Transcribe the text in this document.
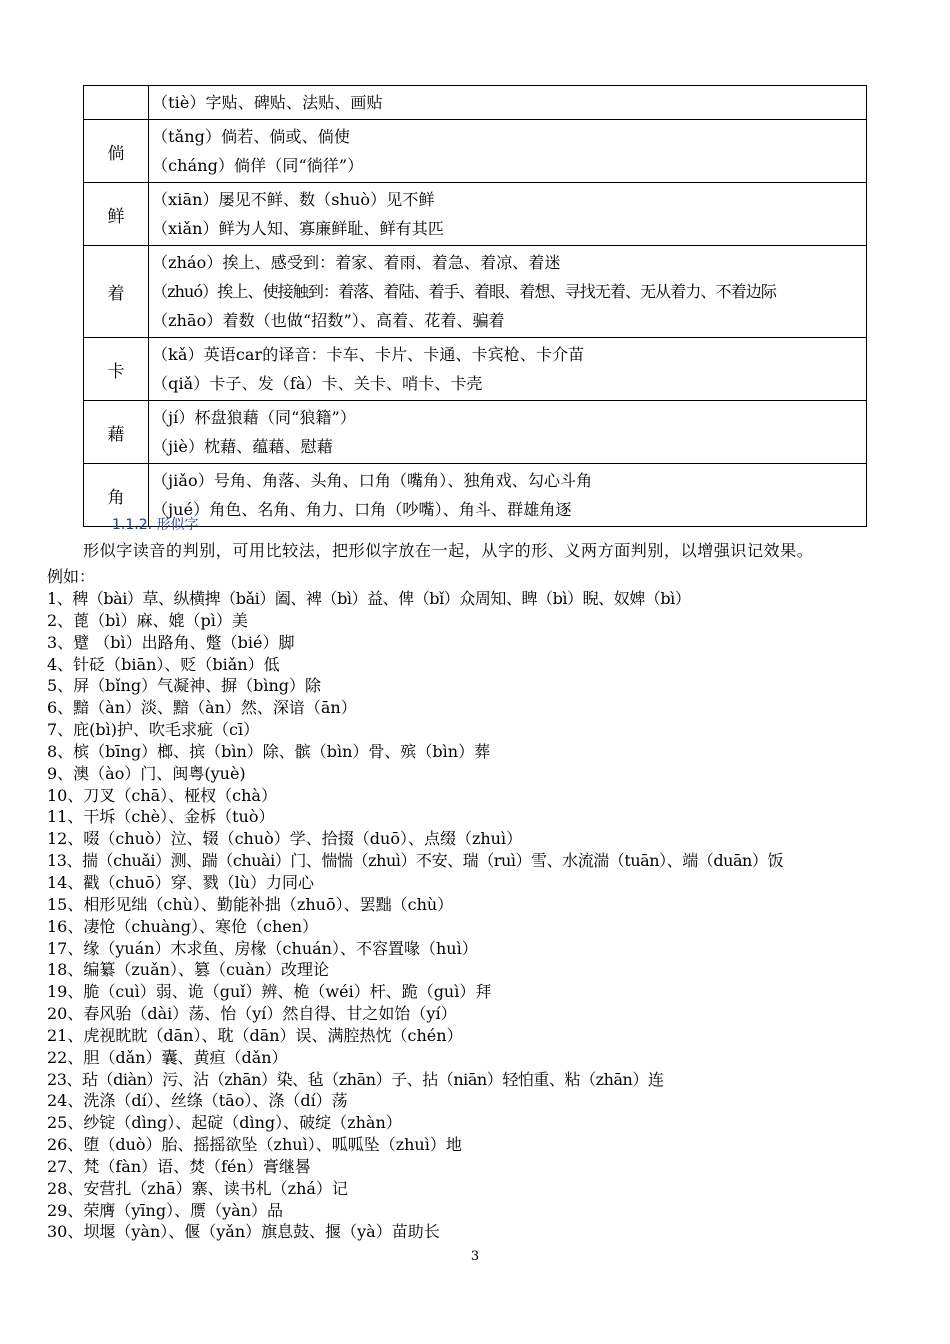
	（tiè）字贴、碑贴、法贴、画贴

倘	（tǎng）倘若、倘或、倘使
（cháng）倘佯（同“徜徉”）

鲜	（xiān）屡见不鲜、数（shuò）见不鲜
（xiǎn）鲜为人知、寡廉鲜耻、鲜有其匹

着	（zháo）挨上、感受到：着家、着雨、着急、着凉、着迷
（zhuó）挨上、使接触到：着落、着陆、着手、着眼、着想、寻找无着、无从着力、不着边际
（zhāo）着数（也做“招数”）、高着、花着、骗着

卡	（kǎ）英语car的译音：卡车、卡片、卡通、卡宾枪、卡介苗
（qiǎ）卡子、发（fà）卡、关卡、哨卡、卡壳

藉	（jí）杯盘狼藉（同“狼籍”）
（jiè）枕藉、蕴藉、慰藉

角	（jiǎo）号角、角落、头角、口角（嘴角）、独角戏、勾心斗角
（jué）角色、名角、角力、口角（吵嘴）、角斗、群雄角逐
1.1.2. 形似字
形似字读音的判别，可用比较法，把形似字放在一起，从字的形、义两方面判别，以增强识记效果。
例如：
1、稗（bài）草、纵横捭（bǎi）阖、裨（bì）益、俾（bǐ）众周知、睥（bì）睨、奴婢（bì）
2、蓖（bì）麻、媲（pì）美
3、躄 （bì）出路角、蹩（bié）脚
4、针砭（biān）、贬（biǎn）低
5、屏（bǐng）气凝神、摒（bìng）除
6、黯（àn）淡、黯（àn）然、深谙（ān）
7、庇(bì)护、吹毛求疵（cī）
8、槟（bīng）榔、摈（bìn）除、髌（bìn）骨、殡（bìn）葬
9、澳（ào）门、闽粤(yuè)
10、刀叉（chā）、桠杈（chà）
11、干坼（chè）、金柝（tuò）
12、啜（chuò）泣、辍（chuò）学、拾掇（duō）、点缀（zhuì）
13、揣（chuǎi）测、踹（chuài）门、惴惴（zhuì）不安、瑞（ruì）雪、水流湍（tuān）、端（duān）饭
14、戳（chuō）穿、戮（lù）力同心
15、相形见绌（chù）、勤能补拙（zhuō）、罢黜（chù）
16、凄怆（chuàng）、寒伧（chen）
17、缘（yuán）木求鱼、房椽（chuán）、不容置喙（huì）
18、编纂（zuǎn）、篡（cuàn）改理论
19、脆（cuì）弱、诡（guǐ）辨、桅（wéi）杆、跪（guì）拜
20、春风骀（dài）荡、怡（yí）然自得、甘之如饴（yí）
21、虎视眈眈（dān）、耽（dān）误、满腔热忱（chén）
22、胆（dǎn）囊、黄疸（dǎn）
23、玷（diàn）污、沾（zhān）染、毡（zhān）子、拈（niān）轻怕重、粘（zhān）连
24、洗涤（dí）、丝绦（tāo）、涤（dí）荡
25、纱锭（dìng）、起碇（dìng）、破绽（zhàn）
26、堕（duò）胎、摇摇欲坠（zhuì）、呱呱坠（zhuì）地
27、梵（fàn）语、焚（fén）膏继晷
28、安营扎（zhā）寨、读书札（zhá）记
29、荣膺（yīng）、赝（yàn）品
30、坝堰（yàn）、偃（yǎn）旗息鼓、揠（yà）苗助长
3
